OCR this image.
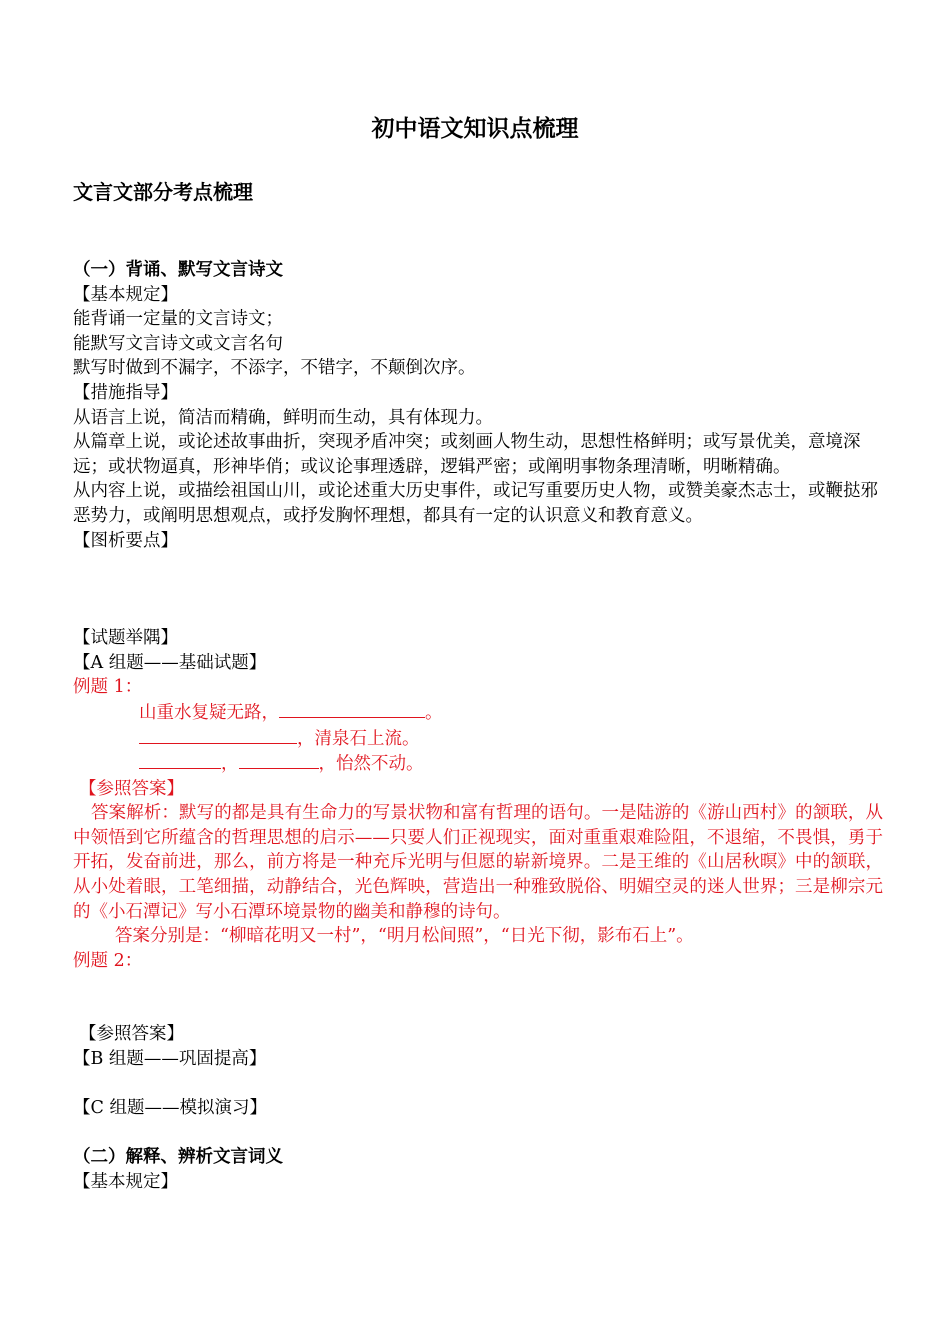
初中语文知识点梳理
文言文部分考点梳理

（一）背诵、默写文言诗文

【基本规定】

能背诵一定量的文言诗文；

能默写文言诗文或文言名句

默写时做到不漏字，不添字，不错字，不颠倒次序。

【措施指导】

从语言上说，简洁而精确，鲜明而生动，具有体现力。

从篇章上说，或论述故事曲折，突现矛盾冲突；或刻画人物生动，思想性格鲜明；或写景优美，意境深远；或状物逼真，形神毕俏；或议论事理透辟，逻辑严密；或阐明事物条理清晰，明晰精确。

从内容上说，或描绘祖国山川，或论述重大历史事件，或记写重要历史人物，或赞美豪杰志士，或鞭挞邪恶势力，或阐明思想观点，或抒发胸怀理想，都具有一定的认识意义和教育意义。

【图析要点】

【试题举隅】

【A 组题——基础试题】

例题 1：

山重水复疑无路，	。

，清泉石上流。

，	，怡然不动。

【参照答案】

答案解析：默写的都是具有生命力的写景状物和富有哲理的语句。一是陆游的《游山西村》的颔联，从中领悟到它所蕴含的哲理思想的启示——只要人们正视现实，面对重重艰难险阻，不退缩，不畏惧，勇于开拓，发奋前进，那么，前方将是一种充斥光明与但愿的崭新境界。二是王维的《山居秋暝》中的颔联，从小处着眼，工笔细描，动静结合，光色辉映，营造出一种雅致脱俗、明媚空灵的迷人世界；三是柳宗元的《小石潭记》写小石潭环境景物的幽美和静穆的诗句。

答案分别是：“柳暗花明又一村”，“明月松间照”，“日光下彻，影布石上”。

例题 2：

【参照答案】

【B 组题——巩固提高】

【C 组题——模拟演习】

（二）解释、辨析文言词义

【基本规定】
